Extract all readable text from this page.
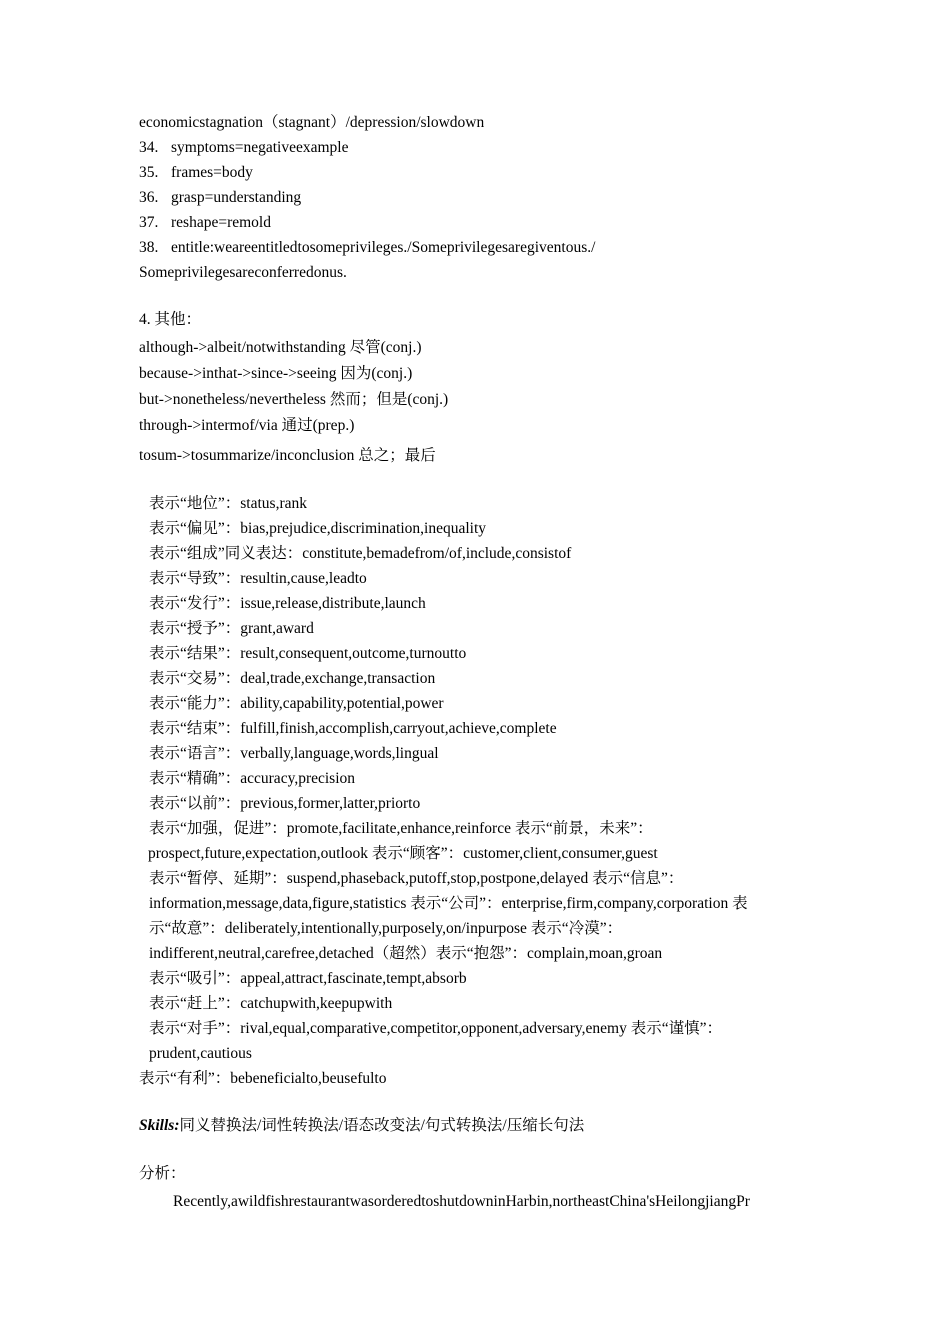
economicstagnation（stagnant）/depression/slowdown
34. symptoms=negativeexample
35. frames=body
36. grasp=understanding
37. reshape=remold
38. entitle:weareentitledtosomeprivileges./Someprivilegesaregiventous./
Someprivilegesareconferredonus.
4. 其他：
although->albeit/notwithstanding 尽管(conj.)
because->inthat->since->seeing 因为(conj.)
but->nonetheless/nevertheless 然而；但是(conj.)
through->intermof/via 通过(prep.)
tosum->tosummarize/inconclusion 总之；最后
表示“地位”：status,rank
表示“偏见”：bias,prejudice,discrimination,inequality
表示“组成”同义表达：constitute,bemadefrom/of,include,consistof
表示“导致”：resultin,cause,leadto
表示“发行”：issue,release,distribute,launch
表示“授予”：grant,award
表示“结果”：result,consequent,outcome,turnoutto
表示“交易”：deal,trade,exchange,transaction
表示“能力”：ability,capability,potential,power
表示“结束”：fulfill,finish,accomplish,carryout,achieve,complete
表示“语言”：verbally,language,words,lingual
表示“精确”：accuracy,precision
表示“以前”：previous,former,latter,priorto
表示“加强，促进”：promote,facilitate,enhance,reinforce 表示“前景，未来”：
prospect,future,expectation,outlook 表示“顾客”：customer,client,consumer,guest
表示“暂停、延期”：suspend,phaseback,putoff,stop,postpone,delayed 表示“信息”：
information,message,data,figure,statistics 表示“公司”：enterprise,firm,company,corporation 表
示“故意”：deliberately,intentionally,purposely,on/inpurpose 表示“冷漠”：
indifferent,neutral,carefree,detached（超然）表示“抱怨”：complain,moan,groan
表示“吸引”：appeal,attract,fascinate,tempt,absorb
表示“赶上”：catchupwith,keepupwith
表示“对手”：rival,equal,comparative,competitor,opponent,adversary,enemy 表示“谨慎”：
prudent,cautious
表示“有利”：bebeneficialto,beusefulto
Skills:同义替换法/词性转换法/语态改变法/句式转换法/压缩长句法
分析：
Recently,awildfishrestaurantwasorderedtoshutdowninHarbin,northeastChina'sHeilongjiangPr
